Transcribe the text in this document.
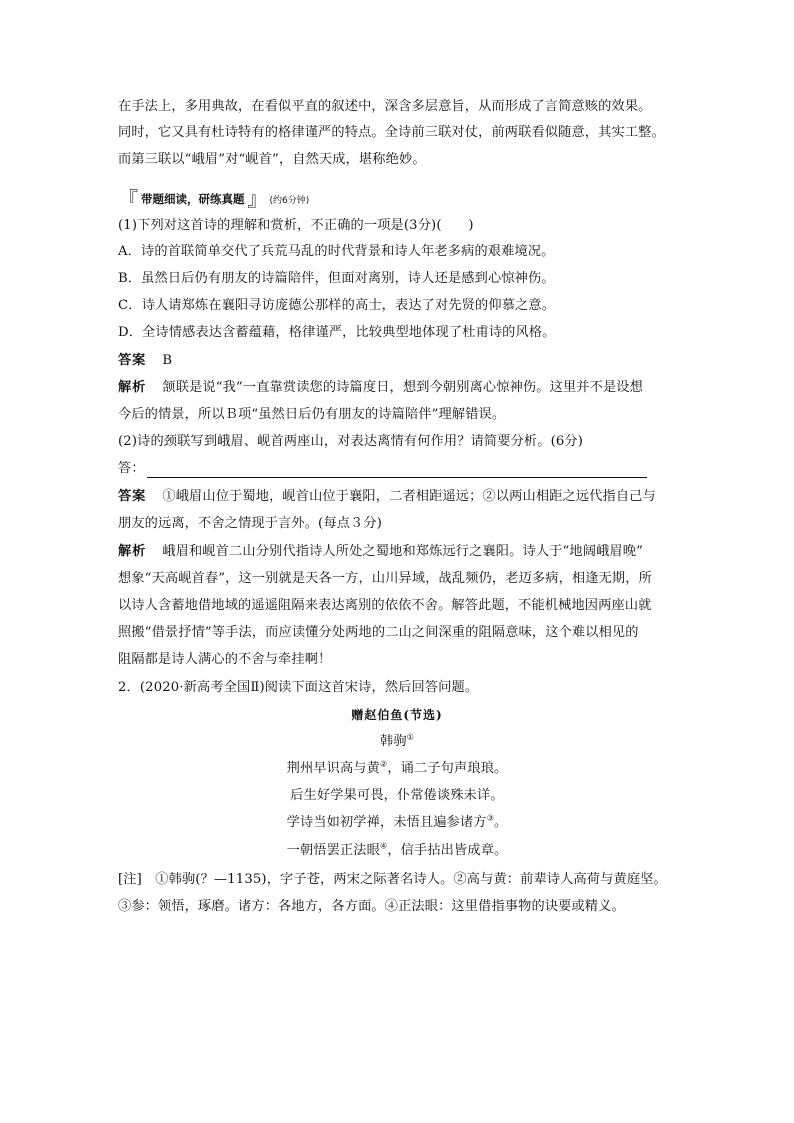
在手法上，多用典故，在看似平直的叙述中，深含多层意旨，从而形成了言简意赅的效果。
同时，它又具有杜诗特有的格律谨严的特点。全诗前三联对仗，前两联看似随意，其实工整。
而第三联以“峨眉”对“岘首”，自然天成，堪称绝妙。
『 带题细读，研练真题 』 (约6分钟)
(1)下列对这首诗的理解和赏析，不正确的一项是(3分)(　　)
A．诗的首联简单交代了兵荒马乱的时代背景和诗人年老多病的艰难境况。
B．虽然日后仍有朋友的诗篇陪伴，但面对离别，诗人还是感到心惊神伤。
C．诗人请郑炼在襄阳寻访庞德公那样的高士，表达了对先贤的仰慕之意。
D．全诗情感表达含蓄蕴藉，格律谨严，比较典型地体现了杜甫诗的风格。
答案 B
解析 颔联是说“我”一直靠赏读您的诗篇度日，想到今朝别离心惊神伤。这里并不是设想
今后的情景，所以Ｂ项“虽然日后仍有朋友的诗篇陪伴”理解错误。
(2)诗的颈联写到峨眉、岘首两座山，对表达离情有何作用？请简要分析。(6分)
答：
答案 ①峨眉山位于蜀地，岘首山位于襄阳，二者相距遥远；②以两山相距之远代指自己与
朋友的远离，不舍之情现于言外。(每点３分)
解析 峨眉和岘首二山分别代指诗人所处之蜀地和郑炼远行之襄阳。诗人于“地阔峨眉晚”
想象“天高岘首春”，这一别就是天各一方，山川异域，战乱频仍，老迈多病，相逢无期，所
以诗人含蓄地借地域的遥遥阻隔来表达离别的依依不舍。解答此题，不能机械地因两座山就
照搬“借景抒情”等手法，而应读懂分处两地的二山之间深重的阻隔意味，这个难以相见的
阻隔都是诗人满心的不舍与牵挂啊！
2．(2020·新高考全国Ⅱ)阅读下面这首宋诗，然后回答问题。
赠赵伯鱼(节选)
韩驹①
荆州早识高与黄②，诵二子句声琅琅。
后生好学果可畏，仆常倦谈殊未详。
学诗当如初学禅，未悟且遍参诸方③。
一朝悟罢正法眼④，信手拈出皆成章。
[注]　①韩驹(？—1135)，字子苍，两宋之际著名诗人。②高与黄：前辈诗人高荷与黄庭坚。
③参：领悟，琢磨。诸方：各地方，各方面。④正法眼：这里借指事物的诀要或精义。
